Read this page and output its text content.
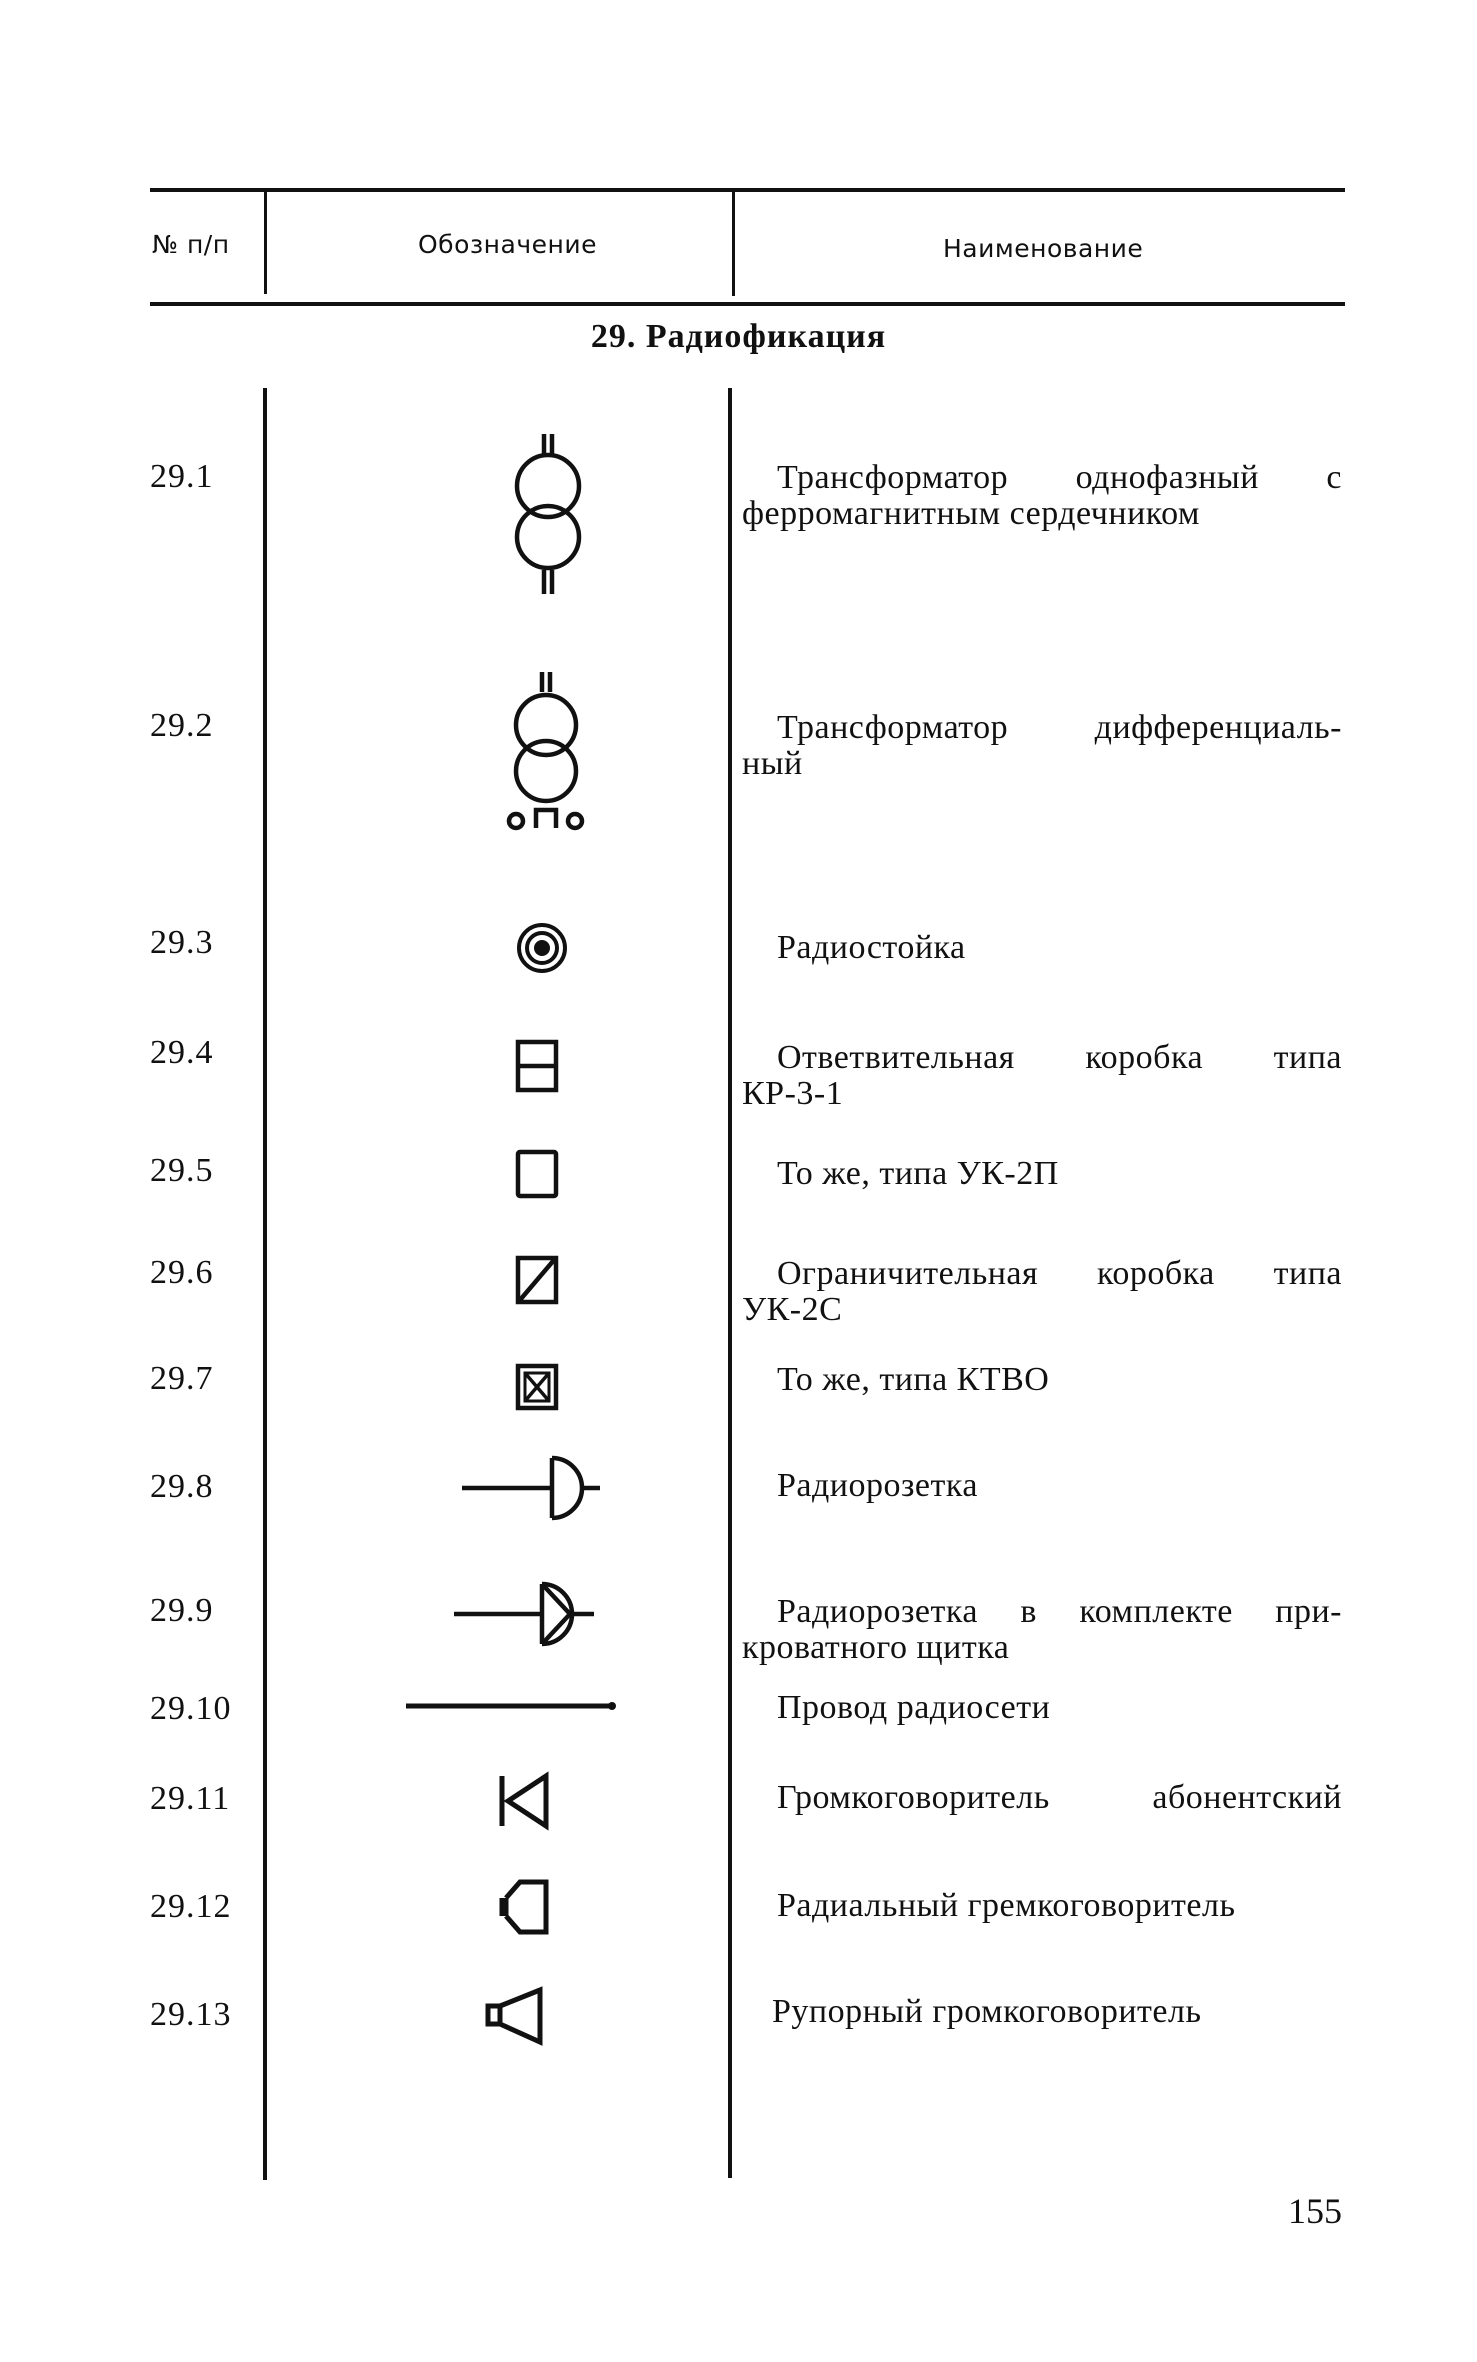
№ п/п	Обозначение	Наименование
29. Радиофикация
29.1	Трансформатор однофазный с
ферромагнитным сердечником
29.2	Трансформатор дифференциаль-
ный
29.3	Радиостойка
29.4	Ответвительная коробка типа
КР-3-1
29.5	То же, типа УК-2П
29.6	Ограничительная коробка типа
УК-2С
29.7	То же, типа КТВО
29.8	Радиорозетка
29.9	Радиорозетка в комплекте при-
кроватного щитка
29.10	Провод радиосети
29.11	Громкоговоритель абонентский
29.12	Радиальный гремкоговоритель
29.13	Рупорный громкоговоритель
155
